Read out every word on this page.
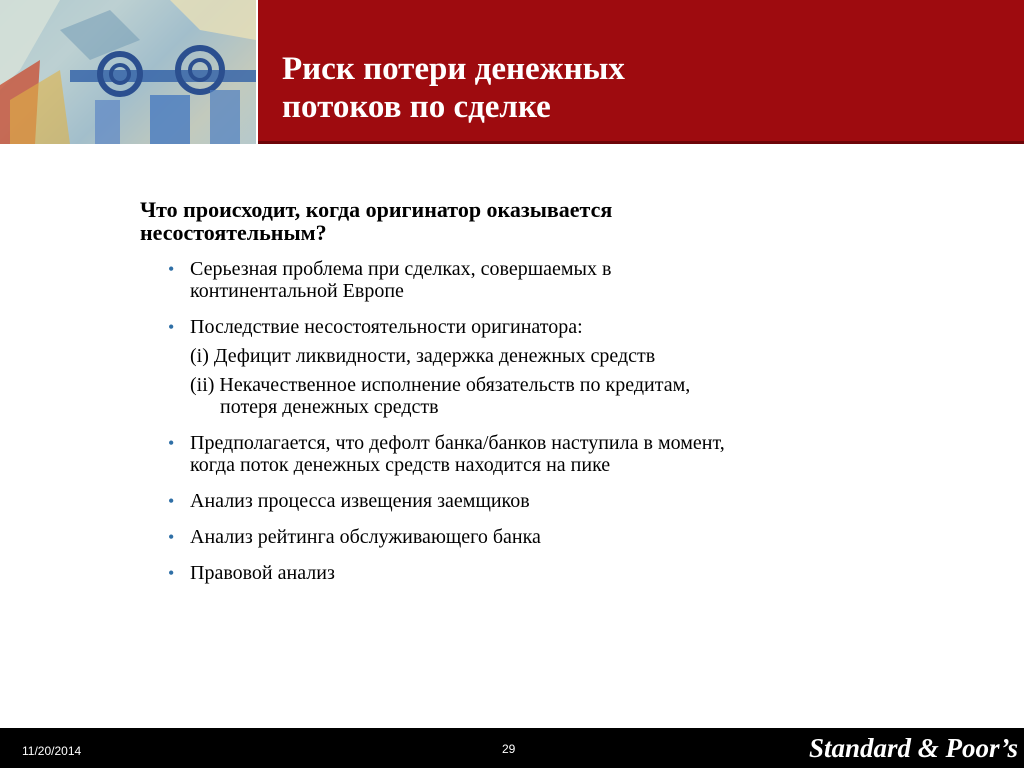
Риск потери денежных
потоков по сделке
Что происходит, когда оригинатор оказывается
несостоятельным?
• Серьезная проблема при сделках, совершаемых в
континентальной Европе
• Последствие несостоятельности оригинатора:
(i) Дефицит ликвидности, задержка денежных средств
(ii) Некачественное исполнение обязательств по кредитам,
потеря денежных средств
• Предполагается, что дефолт банка/банков наступила в момент,
когда поток денежных средств находится на пике
• Анализ процесса извещения заемщиков
• Анализ рейтинга обслуживающего банка
• Правовой анализ
11/20/2014	29	Standard & Poor’s
